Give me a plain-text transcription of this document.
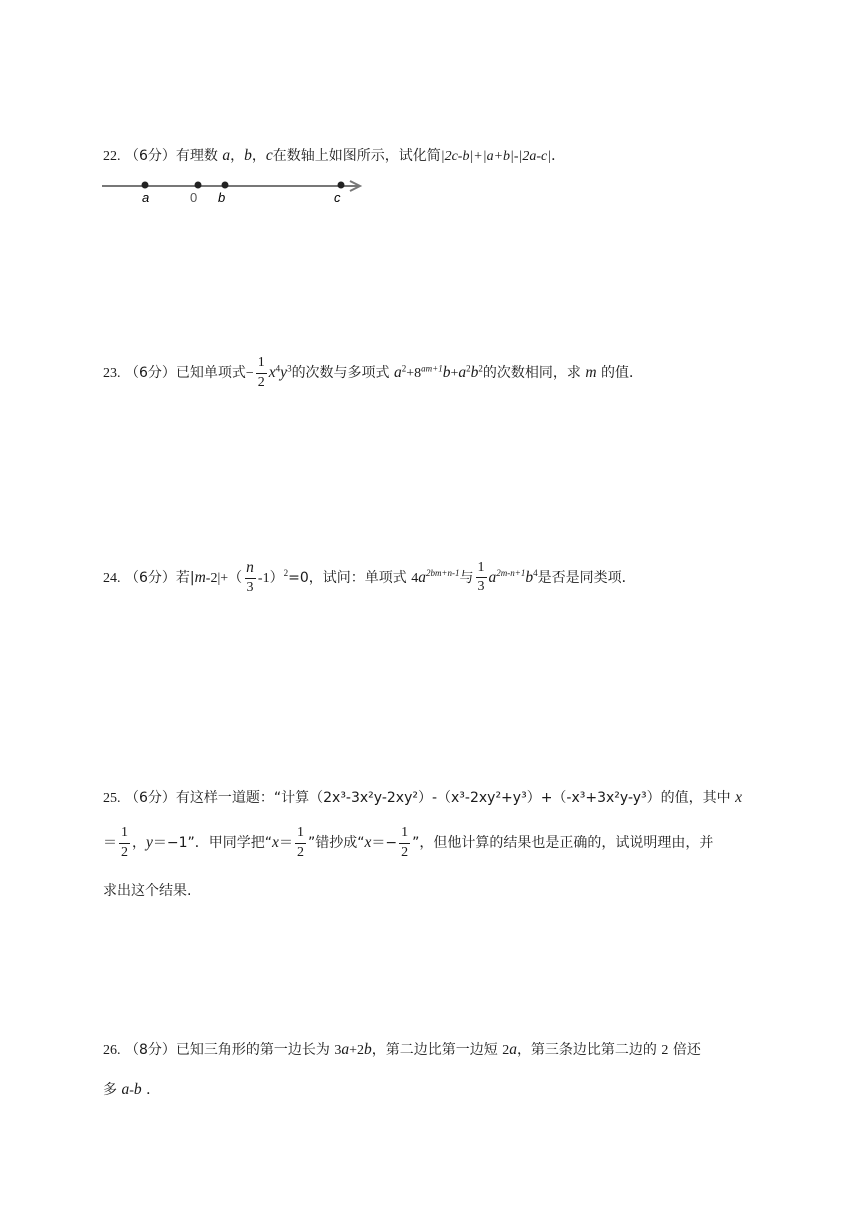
22. （6分）有理数 a，b，c在数轴上如图所示，试化简|2c-b|+|a+b|-|2a-c|．
a	0 b	c
23. （6分）已知单项式− $\frac{1}{2} x^4y^3$的次数与多项式 $a^2+8^{am+1}b+a^2b^2$的次数相同，求 m 的值．
24. （6分）若$|m-2|+( \frac{n}{3} -1)^2=0$，试问：单项式 $4a^{2bm+n-1}$与 $\frac{1}{3} a^{2m-n+1}b^4$是否是同类项．
25. （6分）有这样一道题：“计算（2x³-3x²y-2xy²）-（x³-2xy²+y³）+（-x³+3x²y-y³）的值，其中 x
＝ $\frac{1}{2}$ ，y＝−1”．甲同学把“$x= \frac{1}{2}$ ”错抄成“$x=- \frac{1}{2}$ ”，但他计算的结果也是正确的，试说明理由，并
求出这个结果.
26. （8分）已知三角形的第一边长为 3a+2b，第二边比第一边短 2a，第三条边比第二边的 2 倍还
多 a-b ．
